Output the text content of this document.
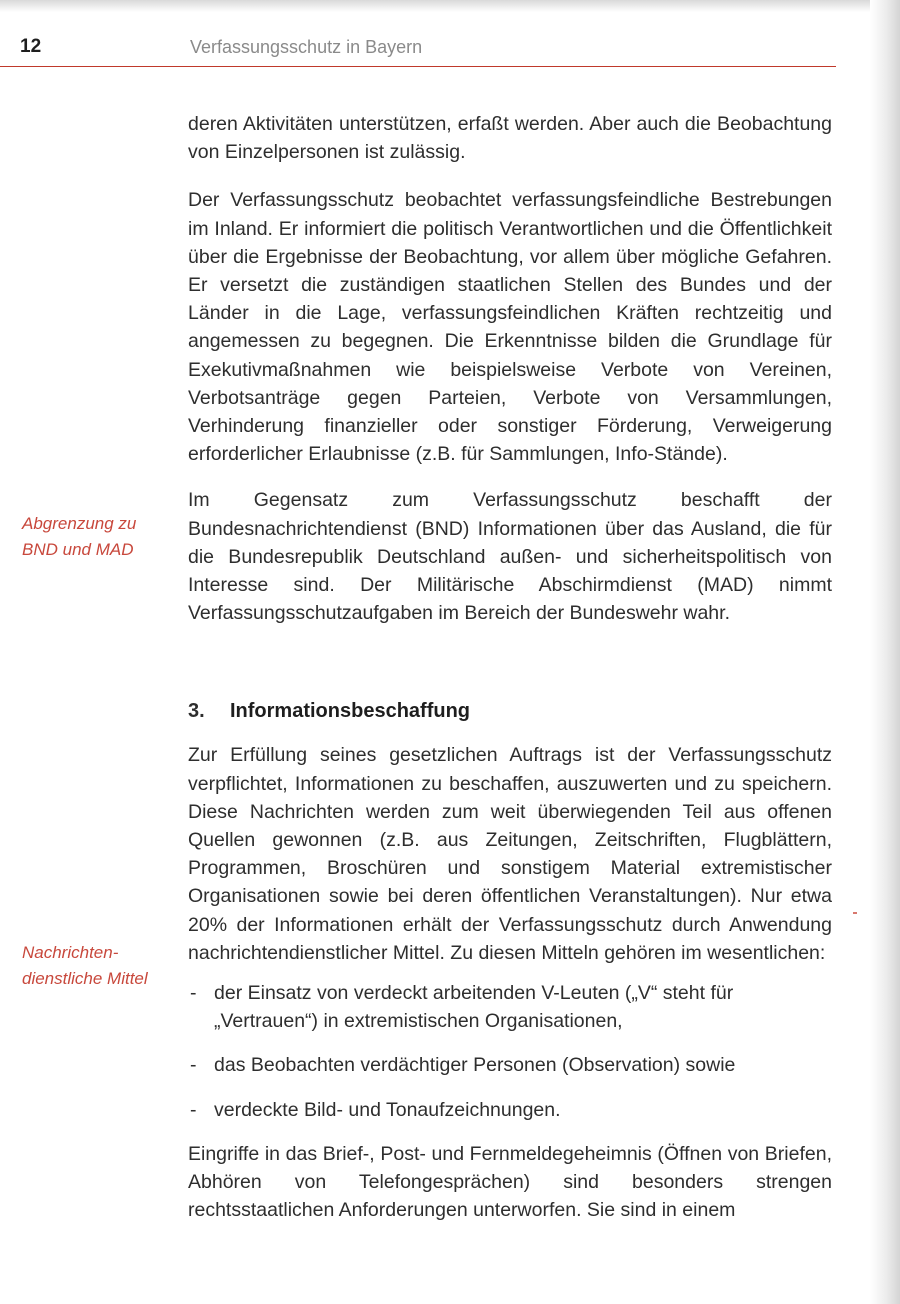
12	Verfassungsschutz in Bayern
Abgrenzung zu
BND und MAD
Nachrichten-
dienstliche Mittel

deren Aktivitäten unterstützen, erfaßt werden. Aber auch die Beobachtung von Einzelpersonen ist zulässig.

Der Verfassungsschutz beobachtet verfassungsfeindliche Bestrebungen im Inland. Er informiert die politisch Verantwortlichen und die Öffentlichkeit über die Ergebnisse der Beobachtung, vor allem über mögliche Gefahren. Er versetzt die zuständigen staatlichen Stellen des Bundes und der Länder in die Lage, verfassungsfeindlichen Kräften rechtzeitig und angemessen zu begegnen. Die Erkenntnisse bilden die Grundlage für Exekutivmaßnahmen wie beispielsweise Verbote von Vereinen, Verbotsanträge gegen Parteien, Verbote von Versammlungen, Verhinderung finanzieller oder sonstiger Förderung, Verweigerung erforderlicher Erlaubnisse (z.B. für Sammlungen, Info-Stände).

Im Gegensatz zum Verfassungsschutz beschafft der Bundesnachrichtendienst (BND) Informationen über das Ausland, die für die Bundesrepublik Deutschland außen- und sicherheitspolitisch von Interesse sind. Der Militärische Abschirmdienst (MAD) nimmt Verfassungsschutzaufgaben im Bereich der Bundeswehr wahr.

3. Informationsbeschaffung

Zur Erfüllung seines gesetzlichen Auftrags ist der Verfassungsschutz verpflichtet, Informationen zu beschaffen, auszuwerten und zu speichern. Diese Nachrichten werden zum weit überwiegenden Teil aus offenen Quellen gewonnen (z.B. aus Zeitungen, Zeitschriften, Flugblättern, Programmen, Broschüren und sonstigem Material extremistischer Organisationen sowie bei deren öffentlichen Veranstaltungen). Nur etwa 20% der Informationen erhält der Verfassungsschutz durch Anwendung nachrichtendienstlicher Mittel. Zu diesen Mitteln gehören im wesentlichen:

- der Einsatz von verdeckt arbeitenden V-Leuten („V“ steht für „Vertrauen“) in extremistischen Organisationen,
- das Beobachten verdächtiger Personen (Observation) sowie
- verdeckte Bild- und Tonaufzeichnungen.

Eingriffe in das Brief-, Post- und Fernmeldegeheimnis (Öffnen von Briefen, Abhören von Telefongesprächen) sind besonders strengen rechtsstaatlichen Anforderungen unterworfen. Sie sind in einem
